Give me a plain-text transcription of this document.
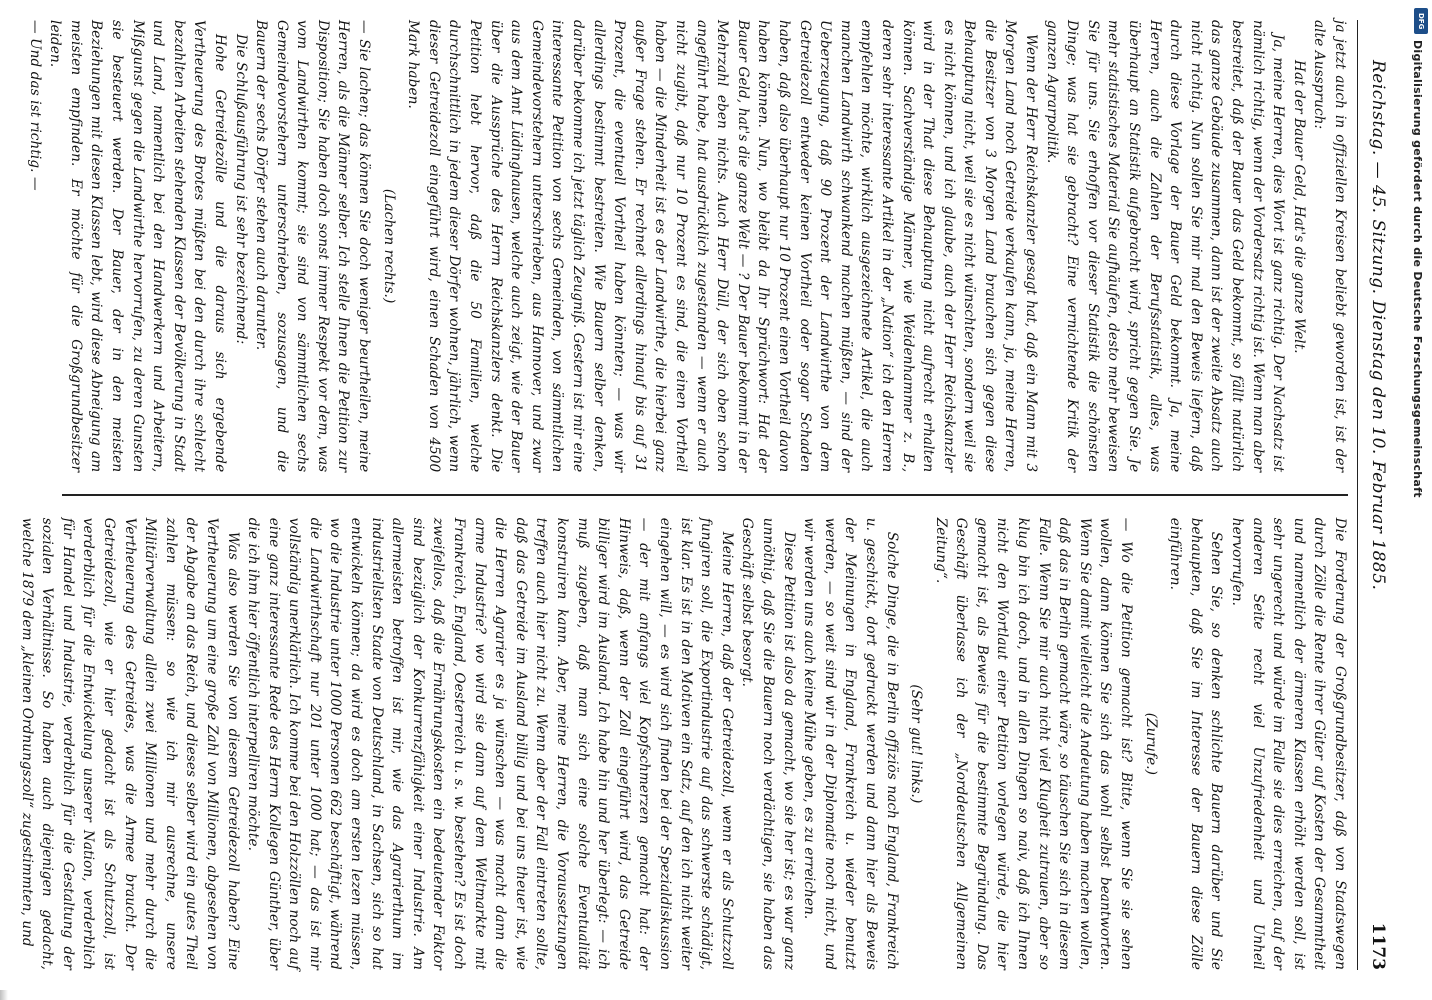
Reichstag. — 45. Sitzung. Dienstag den 10. Februar 1885.
1173

ja jetzt auch in offiziellen Kreisen beliebt geworden ist, ist der alte Ausspruch:

Hat der Bauer Geld, Hat's die ganze Welt.

Ja, meine Herren, dies Wort ist ganz richtig. Der Nachsatz ist nämlich richtig, wenn der Vordersatz richtig ist. Wenn man aber bestreitet, daß der Bauer das Geld bekommt, so fällt natürlich das ganze Gebäude zusammen, dann ist der zweite Absatz auch nicht richtig. Nun sollen Sie mir mal den Beweis liefern, daß durch diese Vorlage der Bauer Geld bekommt. Ja, meine Herren, auch die Zahlen der Berufsstatistik, alles, was überhaupt an Statistik aufgebracht wird, spricht gegen Sie. Je mehr statistisches Material Sie aufhäufen, desto mehr beweisen Sie für uns. Sie erhoffen vor dieser Statistik die schönsten Dinge; was hat sie gebracht? Eine vernichtende Kritik der ganzen Agrarpolitik.

Wenn der Herr Reichskanzler gesagt hat, daß ein Mann mit 3 Morgen Land noch Getreide verkaufen kann, ja, meine Herren, die Besitzer von 3 Morgen Land brauchen sich gegen diese Behauptung nicht, weil sie es nicht wünschten, sondern weil sie es nicht können, und ich glaube, auch der Herr Reichskanzler wird in der That diese Behauptung nicht aufrecht erhalten können. Sachverständige Männer, wie Weidenhammer z. B., deren sehr interessante Artikel in der „Nation“ ich den Herren empfehlen möchte, wirklich ausgezeichnete Artikel, die auch manchen Landwirth schwankend machen müßten, — sind der Ueberzeugung, daß 90 Prozent der Landwirthe von dem Getreidezoll entweder keinen Vortheil oder sogar Schaden haben, daß also überhaupt nur 10 Prozent einen Vortheil davon haben können. Nun, wo bleibt da Ihr Sprüchwort: Hat der Bauer Geld, hat's die ganze Welt — ? Der Bauer bekommt in der Mehrzahl eben nichts. Auch Herr Düll, der sich oben schon angeführt habe, hat ausdrücklich zugestanden — wenn er auch nicht zugibt, daß nur 10 Prozent es sind, die einen Vortheil haben — die Minderheit ist es der Landwirthe, die hierbei ganz außer Frage stehen. Er rechnet allerdings hinauf bis auf 31 Prozent, die eventuell Vortheil haben könnten; — was wir allerdings bestimmt bestreiten. Wie Bauern selber denken, darüber bekomme ich jetzt täglich Zeugniß. Gestern ist mir eine interessante Petition von sechs Gemeinden, von sämmtlichen Gemeindevorstehern unterschrieben, aus Hannover, und zwar aus dem Amt Lüdinghausen, welche auch zeigt, wie der Bauer über die Aussprüche des Herrn Reichskanzlers denkt. Die Petition hebt hervor, daß die 50 Familien, welche durchschnittlich in jedem dieser Dörfer wohnen, jährlich, wenn dieser Getreidezoll eingeführt wird, einen Schaden von 4500 Mark haben.

(Lachen rechts.)

— Sie lachen; das können Sie doch weniger beurtheilen, meine Herren, als die Männer selber. Ich stelle Ihnen die Petition zur Disposition; Sie haben doch sonst immer Respekt vor dem, was vom Landwirthen kommt; sie sind von sämmtlichen sechs Gemeindevorstehern unterschrieben, sozusagen, und die Bauern der sechs Dörfer stehen auch darunter.

Die Schlußausführung ist sehr bezeichnend:

Hohe Getreidezölle und die daraus sich ergebende Vertheuerung des Brotes müßten bei den durch ihre schlecht bezahlten Arbeiten stehenden Klassen der Bevölkerung in Stadt und Land, namentlich bei den Handwerkern und Arbeitern, Mißgunst gegen die Landwirthe hervorrufen, zu deren Gunsten sie besteuert werden. Der Bauer, der in den meisten Beziehungen mit diesen Klassen lebt, wird diese Abneigung am meisten empfinden. Er möchte für die Großgrundbesitzer leiden.

— Und das ist richtig. —

Die Forderung der Großgrundbesitzer, daß von Staatswegen durch Zölle die Rente ihrer Güter auf Kosten der Gesammtheit und namentlich der ärmeren Klassen erhöht werden soll, ist sehr ungerecht und würde im Falle sie dies erreichen, auf der anderen Seite recht viel Unzufriedenheit und Unheil hervorrufen.

Sehen Sie, so denken schlichte Bauern darüber und Sie behaupten, daß Sie im Interesse der Bauern diese Zölle einführen.

(Zurufe.)

— Wo die Petition gemacht ist? Bitte, wenn Sie sie sehen wollen, dann können Sie sich das wohl selbst beantworten. Wenn Sie damit vielleicht die Andeutung haben machen wollen, daß das in Berlin gemacht wäre, so täuschen Sie sich in diesem Falle. Wenn Sie mir auch nicht viel Klugheit zutrauen, aber so klug bin ich doch, und in allen Dingen so naiv, daß ich Ihnen nicht den Wortlaut einer Petition vorlegen würde, die hier gemacht ist, als Beweis für die bestimmte Begründung. Das Geschäft überlasse ich der „Norddeutschen Allgemeinen Zeitung“.

(Sehr gut! links.)

Solche Dinge, die in Berlin offiziös nach England, Frankreich u. geschickt, dort gedruckt werden und dann hier als Beweis der Meinungen in England, Frankreich u. wieder benutzt werden, — so weit sind wir in der Diplomatie noch nicht, und wir werden uns auch keine Mühe geben, es zu erreichen.

Diese Petition ist also da gemacht, wo sie her ist; es war ganz unnöthig, daß Sie die Bauern noch verdächtigen, sie haben das Geschäft selbst besorgt.

Meine Herren, daß der Getreidezoll, wenn er als Schutzzoll fungiren soll, die Exportindustrie auf das schwerste schädigt, ist klar. Es ist in den Motiven ein Satz, auf den ich nicht weiter eingehen will, — es wird sich finden bei der Spezialdiskussion — der mit anfangs viel Kopfschmerzen gemacht hat: der Hinweis, daß, wenn der Zoll eingeführt wird, das Getreide billiger wird im Ausland. Ich habe hin und her überlegt: — ich muß zugeben, daß man sich eine solche Eventualität konstruiren kann. Aber, meine Herren, die Voraussetzungen treffen auch hier nicht zu. Wenn aber der Fall eintreten sollte, daß das Getreide im Ausland billig und bei uns theuer ist, wie die Herren Agrarier es ja wünschen — was macht dann die arme Industrie? wo wird sie dann auf dem Weltmarkte mit Frankreich, England, Oesterreich u. s. w. bestehen? Es ist doch zweifellos, daß die Ernährungskosten ein bedeutender Faktor sind bezüglich der Konkurrenzfähigkeit einer Industrie. Am allermeisten betroffen ist mir, wie das Agrarierthum im industriellsten Staate von Deutschland, in Sachsen, sich so hat entwickeln können; da wird es doch am ersten lezen müssen, wo die Industrie unter 1000 Personen 662 beschäftigt, während die Landwirthschaft nur 201 unter 1000 hat; — das ist mir vollständig unerklärlich. Ich komme bei den Holzzöllen noch auf eine ganz interessante Rede des Herrn Kollegen Günther, über die ich ihm hier öffentlich interpelliren möchte.

Was also werden Sie von diesem Getreidezoll haben? Eine Vertheuerung um eine große Zahl von Millionen, abgesehen von der Abgabe an das Reich, und dieses selber wird ein gutes Theil zahlen müssen: so wie ich mir ausrechne, unsere Militärverwaltung allein zwei Millionen und mehr durch die Vertheuerung des Getreides, was die Armee braucht. Der Getreidezoll, wie er hier gedacht ist als Schutzzoll, ist verderblich für die Entwickelung unserer Nation, verderblich für Handel und Industrie, verderblich für die Gestaltung der sozialen Verhältnisse. So haben auch diejenigen gedacht, welche 1879 dem „kleinen Ordnungszoll“ zugestimmten, und

DFG
Digitalisierung gefördert durch die Deutsche Forschungsgemeinschaft
